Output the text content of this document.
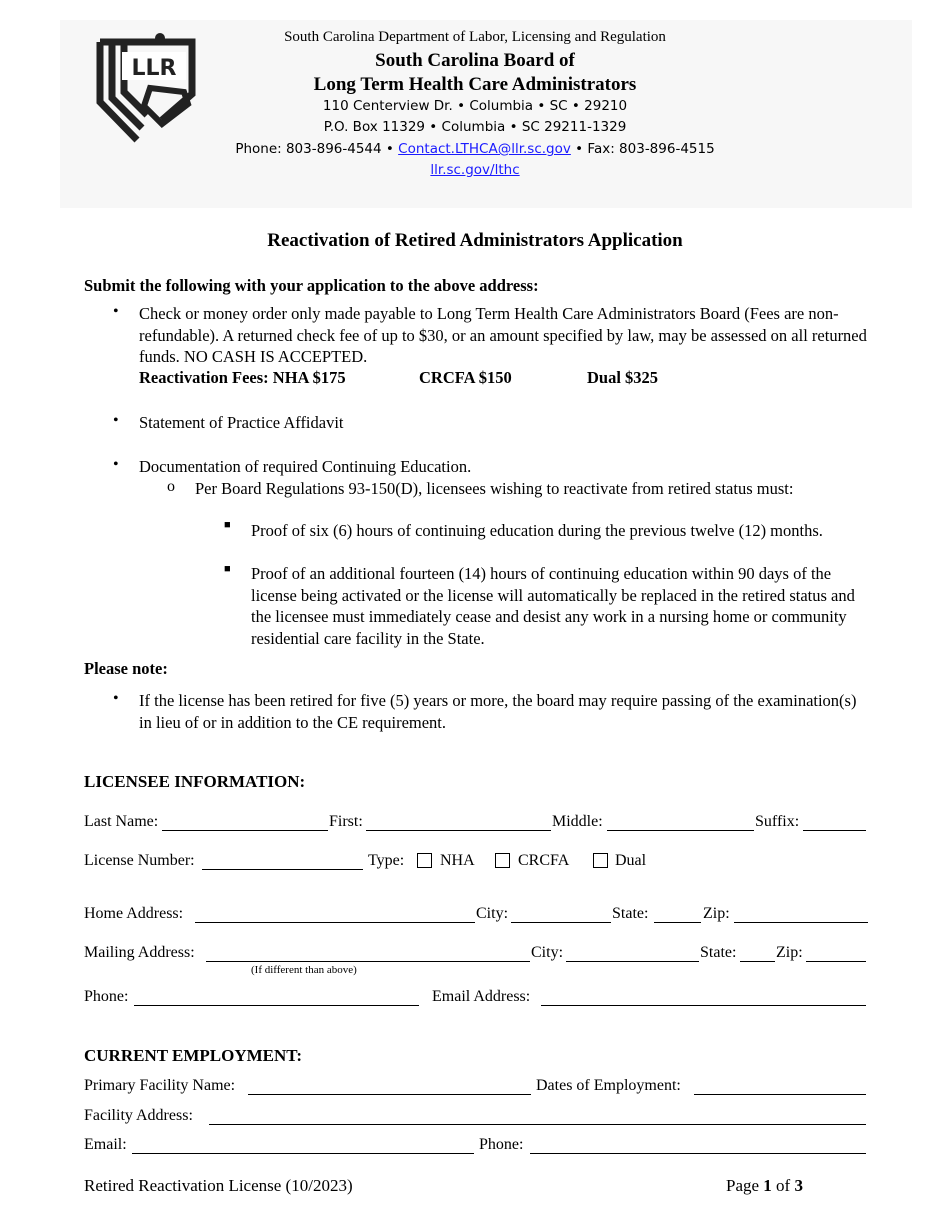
LLR
South Carolina Department of Labor, Licensing and Regulation
South Carolina Board of
Long Term Health Care Administrators
110 Centerview Dr. • Columbia • SC • 29210
P.O. Box 11329 • Columbia • SC 29211-1329
Phone: 803-896-4544 • Contact.LTHCA@llr.sc.gov • Fax: 803-896-4515
llr.sc.gov/lthc
Reactivation of Retired Administrators Application
Submit the following with your application to the above address:
• Check or money order only made payable to Long Term Health Care Administrators Board (Fees are non-refundable). A returned check fee of up to $30, or an amount specified by law, may be assessed on all returned funds. NO CASH IS ACCEPTED.
Reactivation Fees: NHA $175	CRCFA $150	Dual $325
• Statement of Practice Affidavit
• Documentation of required Continuing Education.
o Per Board Regulations 93-150(D), licensees wishing to reactivate from retired status must:
■ Proof of six (6) hours of continuing education during the previous twelve (12) months.
■ Proof of an additional fourteen (14) hours of continuing education within 90 days of the license being activated or the license will automatically be replaced in the retired status and the licensee must immediately cease and desist any work in a nursing home or community residential care facility in the State.
Please note:
• If the license has been retired for five (5) years or more, the board may require passing of the examination(s) in lieu of or in addition to the CE requirement.
LICENSEE INFORMATION:
Last Name:	First:	Middle:	Suffix:
License Number:	Type: NHA	CRCFA	Dual
Home Address:	City:	State:	Zip:
Mailing Address:
(If different than above)
City:	State: Zip:
Phone:	Email Address:
CURRENT EMPLOYMENT:
Primary Facility Name:	Dates of Employment:
Facility Address:
Email:	Phone:
Retired Reactivation License (10/2023)	Page 1 of 3
